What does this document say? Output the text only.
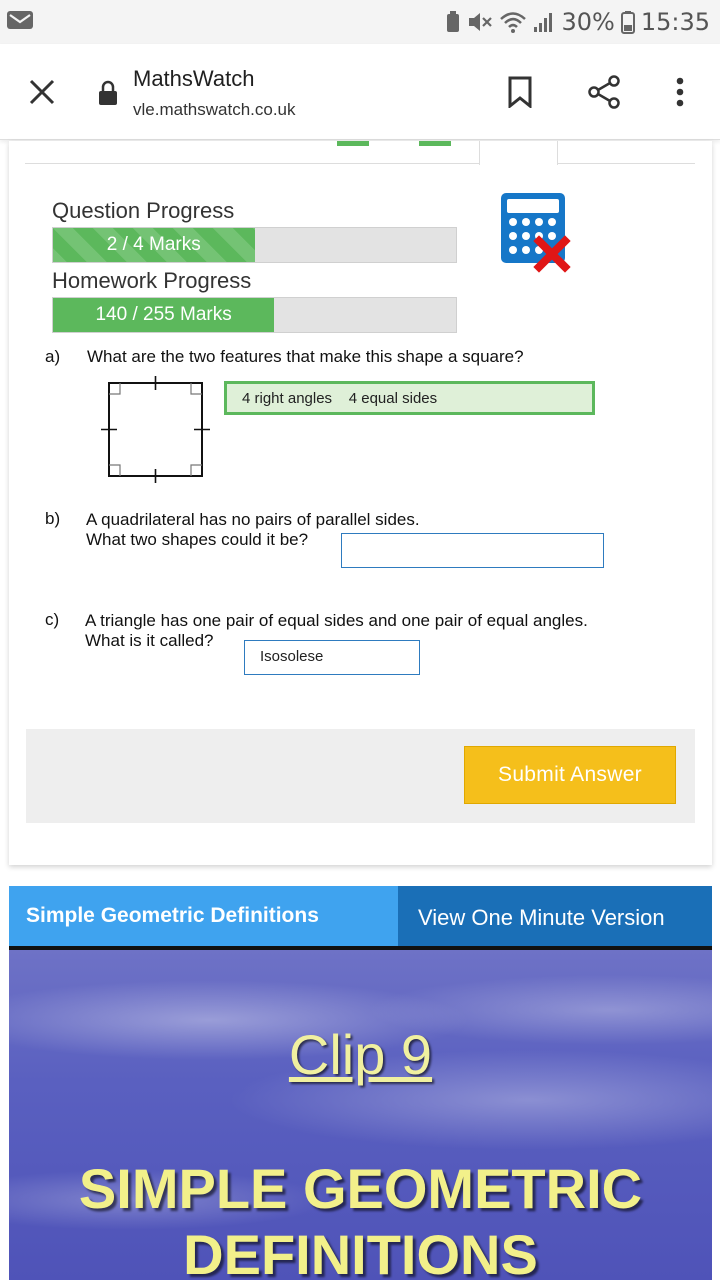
30% 15:35
MathsWatch
vle.mathswatch.co.uk
Question Progress
2 / 4 Marks
Homework Progress
140 / 255 Marks
a) What are the two features that make this shape a square?
4 right angles    4 equal sides
b) A quadrilateral has no pairs of parallel sides.
What two shapes could it be?
c) A triangle has one pair of equal sides and one pair of equal angles.
What is it called?
Isosolese
Submit Answer
Simple Geometric Definitions	View One Minute Version
Clip 9
SIMPLE GEOMETRIC
DEFINITIONS
